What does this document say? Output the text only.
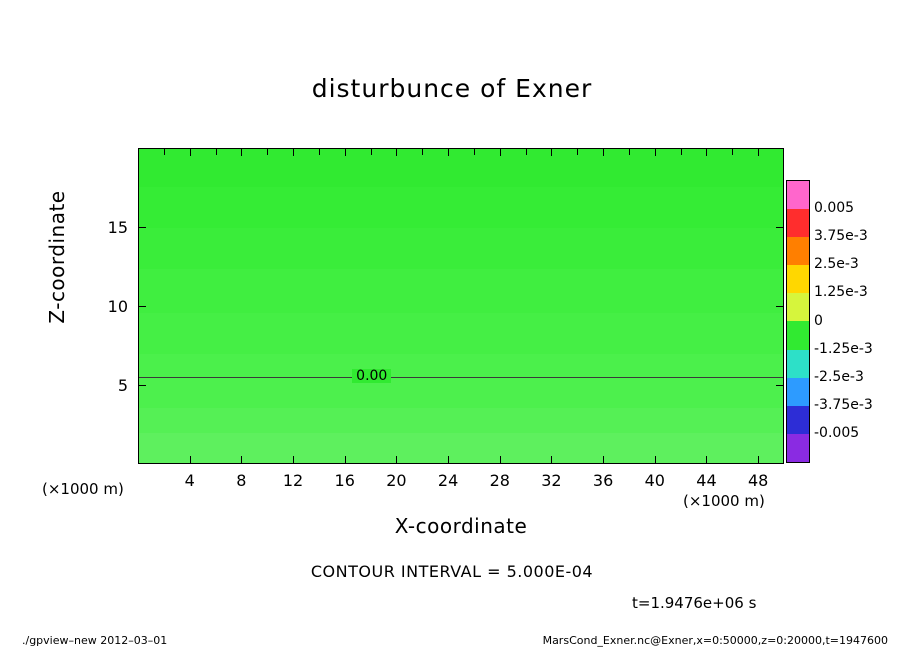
disturbunce of Exner
Z-coordinate
0.00
4	8	12	16	20	24	28	32	36	40	44	48
5
10
15
(×1000 m)
(×1000 m)
X-coordinate
0.005
3.75e-3
2.5e-3
1.25e-3
0
-1.25e-3
-2.5e-3
-3.75e-3
-0.005
CONTOUR INTERVAL = 5.000E-04
t=1.9476e+06 s
./gpview–new 2012–03–01	MarsCond_Exner.nc@Exner,x=0:50000,z=0:20000,t=1947600
